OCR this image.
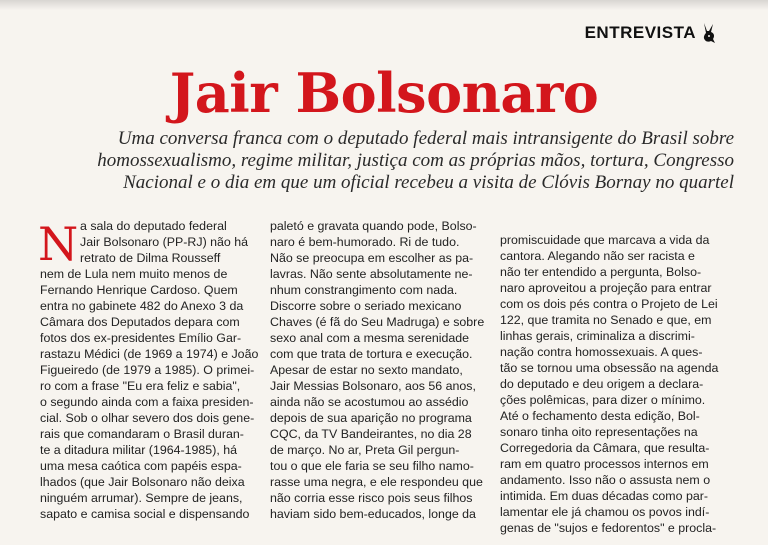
ENTREVISTA
Jair Bolsonaro
Uma conversa franca com o deputado federal mais intransigente do Brasil sobre
homossexualismo, regime militar, justiça com as próprias mãos, tortura, Congresso
Nacional e o dia em que um oficial recebeu a visita de Clóvis Bornay no quartel
N a sala do deputado federal
Jair Bolsonaro (PP-RJ) não há
retrato de Dilma Rousseff
nem de Lula nem muito menos de
Fernando Henrique Cardoso. Quem
entra no gabinete 482 do Anexo 3 da
Câmara dos Deputados depara com
fotos dos ex-presidentes Emílio Gar-
rastazu Médici (de 1969 a 1974) e João
Figueiredo (de 1979 a 1985). O primei-
ro com a frase "Eu era feliz e sabia",
o segundo ainda com a faixa presiden-
cial. Sob o olhar severo dos dois gene-
rais que comandaram o Brasil duran-
te a ditadura militar (1964-1985), há
uma mesa caótica com papéis espa-
lhados (que Jair Bolsonaro não deixa
ninguém arrumar). Sempre de jeans,
sapato e camisa social e dispensando
paletó e gravata quando pode, Bolso-
naro é bem-humorado. Ri de tudo.
Não se preocupa em escolher as pa-
lavras. Não sente absolutamente ne-
nhum constrangimento com nada.
Discorre sobre o seriado mexicano
Chaves (é fã do Seu Madruga) e sobre
sexo anal com a mesma serenidade
com que trata de tortura e execução.
Apesar de estar no sexto mandato,
Jair Messias Bolsonaro, aos 56 anos,
ainda não se acostumou ao assédio
depois de sua aparição no programa
CQC, da TV Bandeirantes, no dia 28
de março. No ar, Preta Gil pergun-
tou o que ele faria se seu filho namo-
rasse uma negra, e ele respondeu que
não corria esse risco pois seus filhos
haviam sido bem-educados, longe da
promiscuidade que marcava a vida da
cantora. Alegando não ser racista e
não ter entendido a pergunta, Bolso-
naro aproveitou a projeção para entrar
com os dois pés contra o Projeto de Lei
122, que tramita no Senado e que, em
linhas gerais, criminaliza a discrimi-
nação contra homossexuais. A ques-
tão se tornou uma obsessão na agenda
do deputado e deu origem a declara-
ções polêmicas, para dizer o mínimo.
Até o fechamento desta edição, Bol-
sonaro tinha oito representações na
Corregedoria da Câmara, que resulta-
ram em quatro processos internos em
andamento. Isso não o assusta nem o
intimida. Em duas décadas como par-
lamentar ele já chamou os povos indí-
genas de "sujos e fedorentos" e procla-
